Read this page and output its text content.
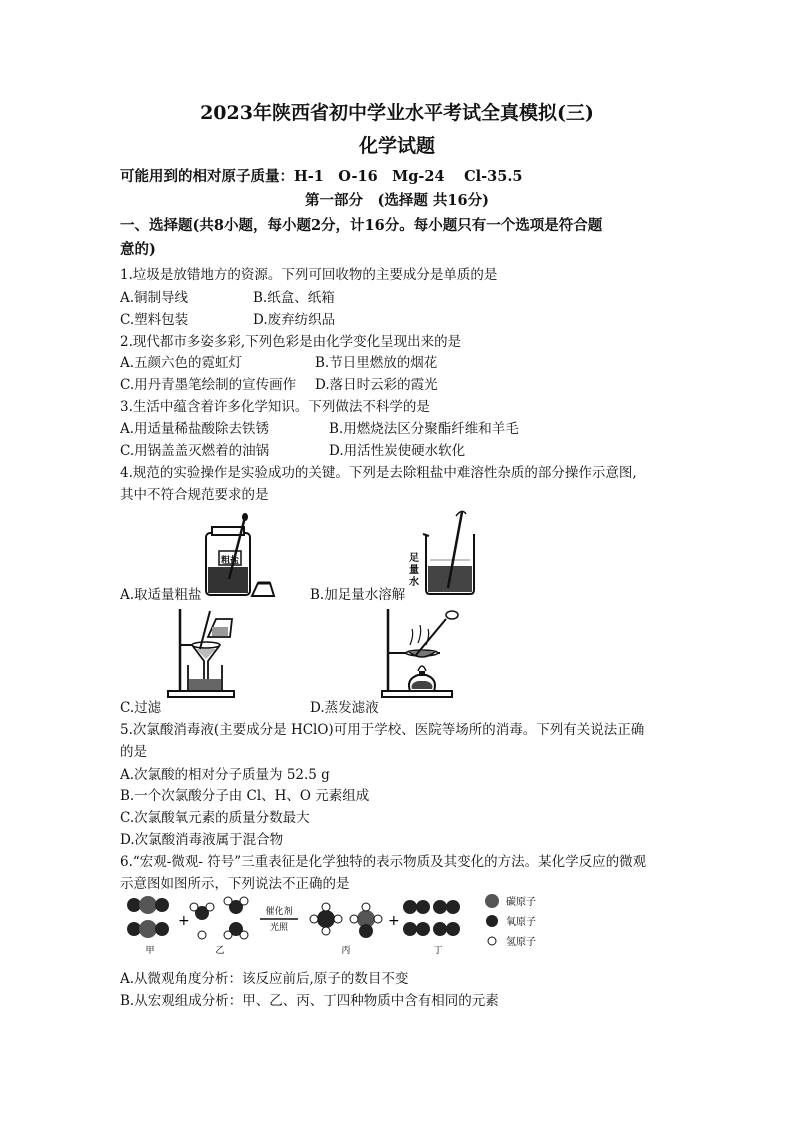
2023年陕西省初中学业水平考试全真模拟(三)
化学试题
可能用到的相对原子质量：H-1　O-16　Mg-24　 Cl-35.5
第一部分　(选择题 共16分)
一、选择题(共8小题，每小题2分，计16分。每小题只有一个选项是符合题
意的)
1.垃圾是放错地方的资源。下列可回收物的主要成分是单质的是
A.铜制导线	B.纸盒、纸箱
C.塑料包装	D.废弃纺织品
2.现代都市多姿多彩,下列色彩是由化学变化呈现出来的是
A.五颜六色的霓虹灯	B.节日里燃放的烟花
C.用丹青墨笔绘制的宣传画作 D.落日时云彩的霞光
3.生活中蕴含着许多化学知识。下列做法不科学的是
A.用适量稀盐酸除去铁锈	B.用燃烧法区分聚酯纤维和羊毛
C.用锅盖盖灭燃着的油锅	D.用活性炭使硬水软化
4.规范的实验操作是实验成功的关键。下列是去除粗盐中难溶性杂质的部分操作示意图,
其中不符合规范要求的是
粗盐
A.取适量粗盐
足
量
水
B.加足量水溶解
C.过滤	D.蒸发滤液
5.次氯酸消毒液(主要成分是 HClO)可用于学校、医院等场所的消毒。下列有关说法正确
的是
A.次氯酸的相对分子质量为 52.5 g
B.一个次氯酸分子由 Cl、H、O 元素组成
C.次氯酸氧元素的质量分数最大
D.次氯酸消毒液属于混合物
6.“宏观-微观- 符号”三重表征是化学独特的表示物质及其变化的方法。某化学反应的微观
示意图如图所示，下列说法不正确的是
+
催化剂
光照	+
甲	乙	丙	丁
碳原子
氧原子
氢原子
A.从微观角度分析：该反应前后,原子的数目不变
B.从宏观组成分析：甲、乙、丙、丁四种物质中含有相同的元素
